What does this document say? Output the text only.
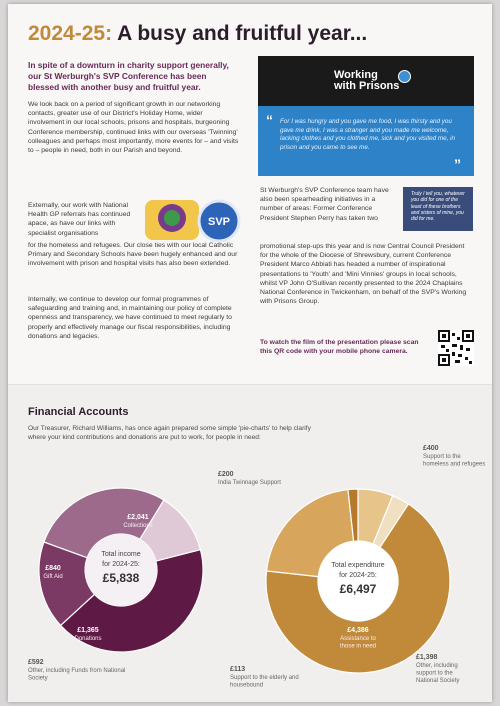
2024-25: A busy and fruitful year...

In spite of a downturn in charity support generally, our St Werburgh's SVP Conference has been blessed with another busy and fruitful year.

We look back on a period of significant growth in our networking contacts, greater use of our District's Holiday Home, wider involvement in our local schools, prisons and hospitals, burgeoning Conference membership, continued links with our overseas 'Twinning' colleagues and perhaps most importantly, more events for – and visits to – people in need, both in our Parish and beyond.

Externally, our work with National Health GP referrals has continued apace, as have our links with specialist organisations

for the homeless and refugees. Our close ties with our local Catholic Primary and Secondary Schools have been hugely enhanced and our involvement with prison and hospital visits has also been extended.

Internally, we continue to develop our formal programmes of safeguarding and training and, in maintaining our policy of complete openness and transparency, we have continued to meet regularly to properly and effectively manage our fiscal responsibilities, including donations and legacies.

SVP
Working
with Prisons
“ For I was hungry and you gave me food, I was thirsty and you gave me drink, I was a stranger and you made me welcome, lacking clothes and you clothed me, sick and you visited me, in prison and you came to see me.

”

St Werburgh's SVP Conference team have also been spearheading initiatives in a number of areas: Former Conference President Stephen Perry has taken two

Truly I tell you, whatever you did for one of the least of these brothers and sisters of mine, you did for me.

promotional step-ups this year and is now Central Council President for the whole of the Diocese of Shrewsbury, current Conference President Marco Abbiati has headed a number of inspirational presentations to 'Youth' and 'Mini Vinnies' groups in local schools, whilst VP John O'Sullivan recently presented to the 2024 Chaplains National Conference in Twickenham, on behalf of the SVP's Working with Prisons Group.

To watch the film of the presentation please scan this QR code with your mobile phone camera.

Financial Accounts

Our Treasurer, Richard Williams, has once again prepared some simple 'pie-charts' to help clarify where your kind contributions and donations are put to work, for people in need:

Total income
for 2024-25:
£5,838
£2,041
Collections
£840
Gift Aid
£1,365
Donations
£592
Other, including Funds from National
Society
Total expenditure
for 2024-25:
£6,497
£400
Support to the
homeless and refugees
£200
India Twinnage Support
£4,386
Assistance to
those in need
£1,398
Other, including
support to the
National Society
£113
Support to the elderly and
housebound
